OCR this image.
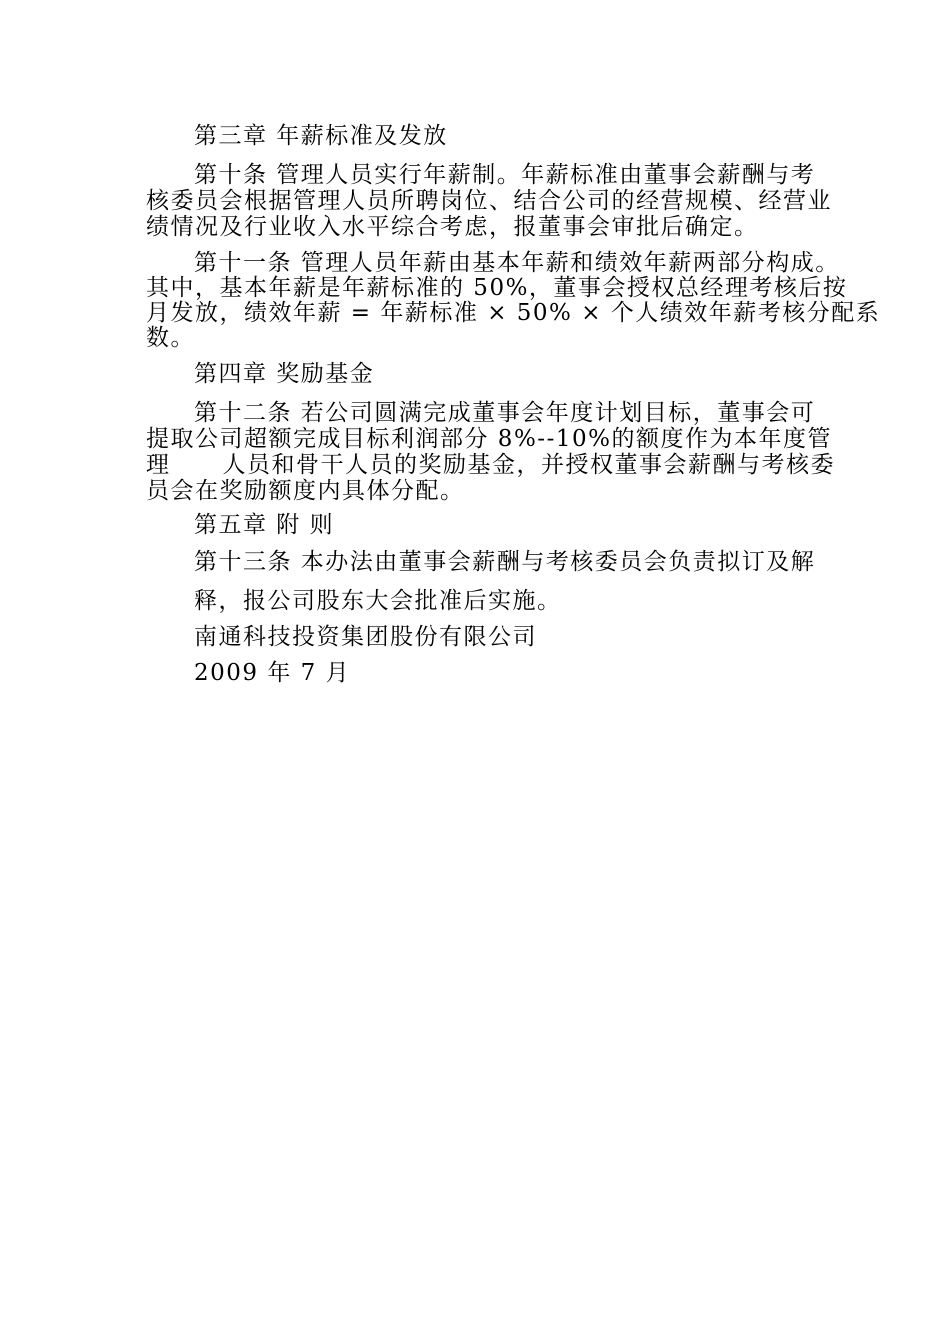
第三章 年薪标准及发放
第十条 管理人员实行年薪制。年薪标准由董事会薪酬与考
核委员会根据管理人员所聘岗位、结合公司的经营规模、经营业
绩情况及行业收入水平综合考虑，报董事会审批后确定。
第十一条 管理人员年薪由基本年薪和绩效年薪两部分构成。
其中，基本年薪是年薪标准的 50%，董事会授权总经理考核后按
月发放，绩效年薪 = 年薪标准 × 50% × 个人绩效年薪考核分配系
数。
第四章 奖励基金
第十二条 若公司圆满完成董事会年度计划目标，董事会可
提取公司超额完成目标利润部分 8%--10%的额度作为本年度管
理 人员和骨干人员的奖励基金，并授权董事会薪酬与考核委
员会在奖励额度内具体分配。
第五章 附 则
第十三条 本办法由董事会薪酬与考核委员会负责拟订及解
释，报公司股东大会批准后实施。
南通科技投资集团股份有限公司
2009 年 7 月
